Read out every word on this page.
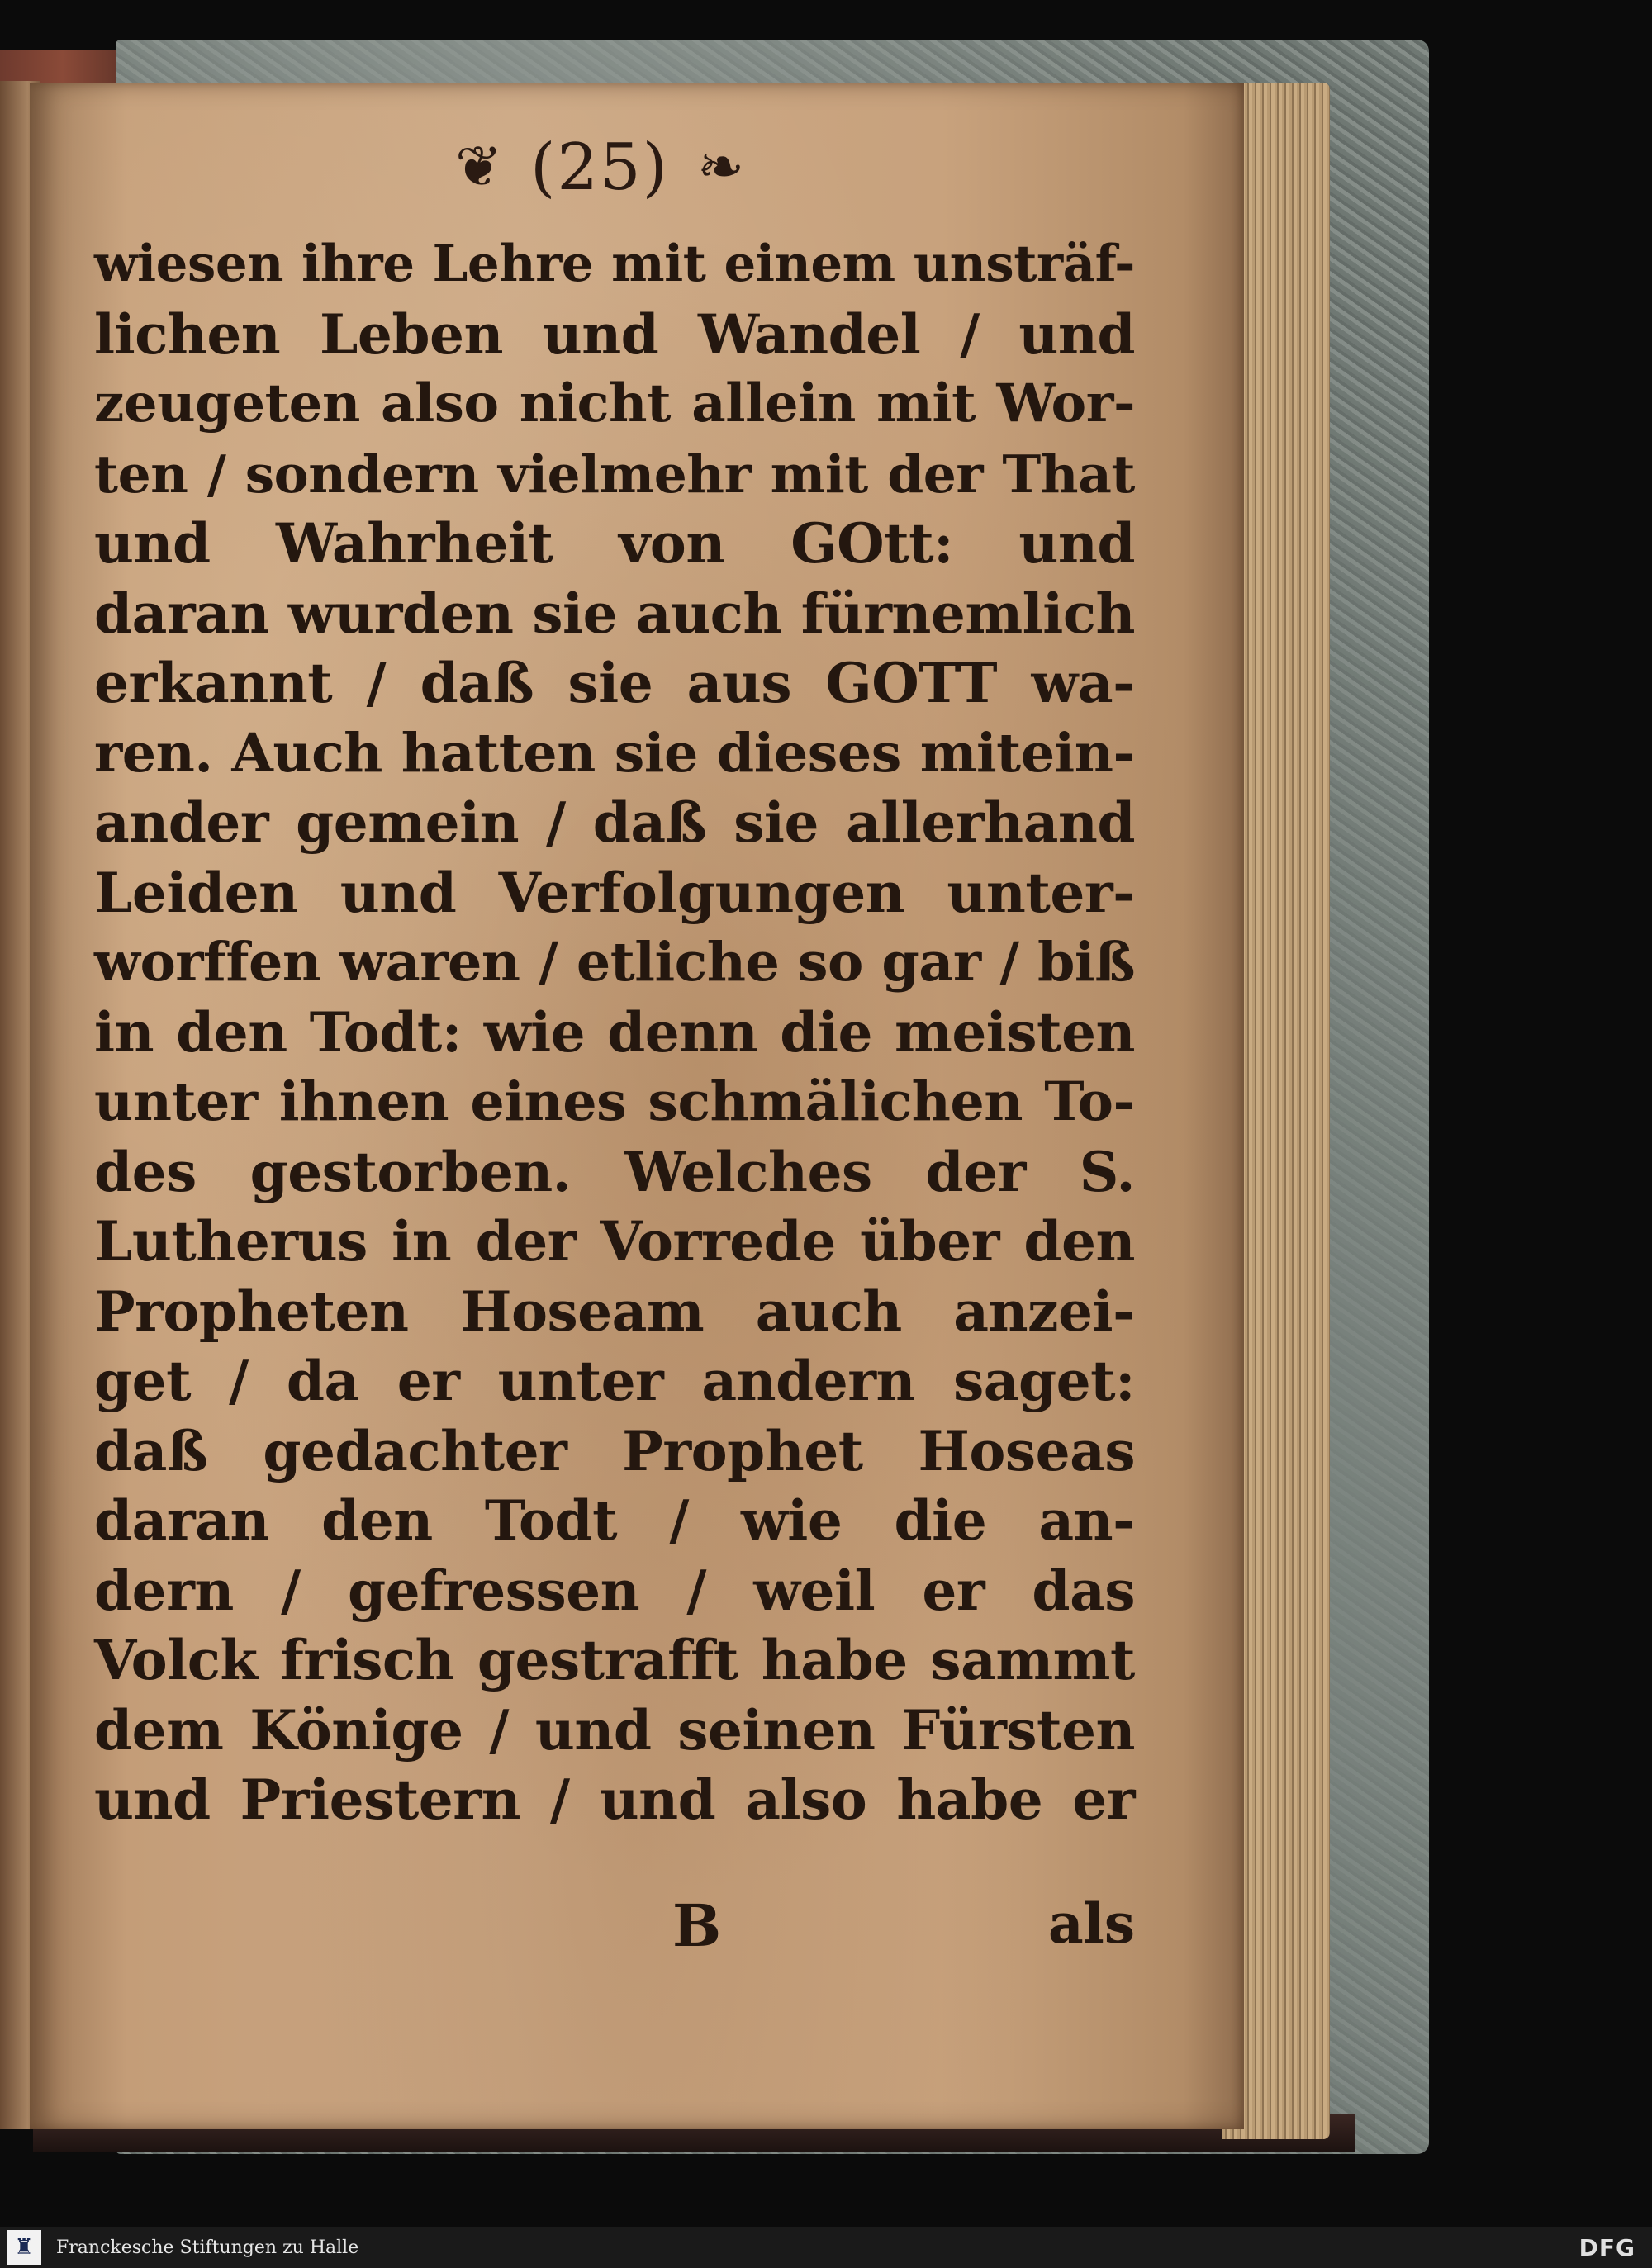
❦ (25) ❧
wiesen ihre Lehre mit einem unsträf-
lichen Leben und Wandel / und
zeugeten also nicht allein mit Wor-
ten / sondern vielmehr mit der That
und Wahrheit von GOtt: und
daran wurden sie auch fürnemlich
erkannt / daß sie aus GOTT wa-
ren. Auch hatten sie dieses mitein-
ander gemein / daß sie allerhand
Leiden und Verfolgungen unter-
worffen waren / etliche so gar / biß
in den Todt: wie denn die meisten
unter ihnen eines schmälichen To-
des gestorben. Welches der S.
Lutherus in der Vorrede über den
Propheten Hoseam auch anzei-
get / da er unter andern saget:
daß gedachter Prophet Hoseas
daran den Todt / wie die an-
dern / gefressen / weil er das
Volck frisch gestrafft habe sammt
dem Könige / und seinen Fürsten
und Priestern / und also habe er
B	als
♜	Franckesche Stiftungen zu Halle	DFG
